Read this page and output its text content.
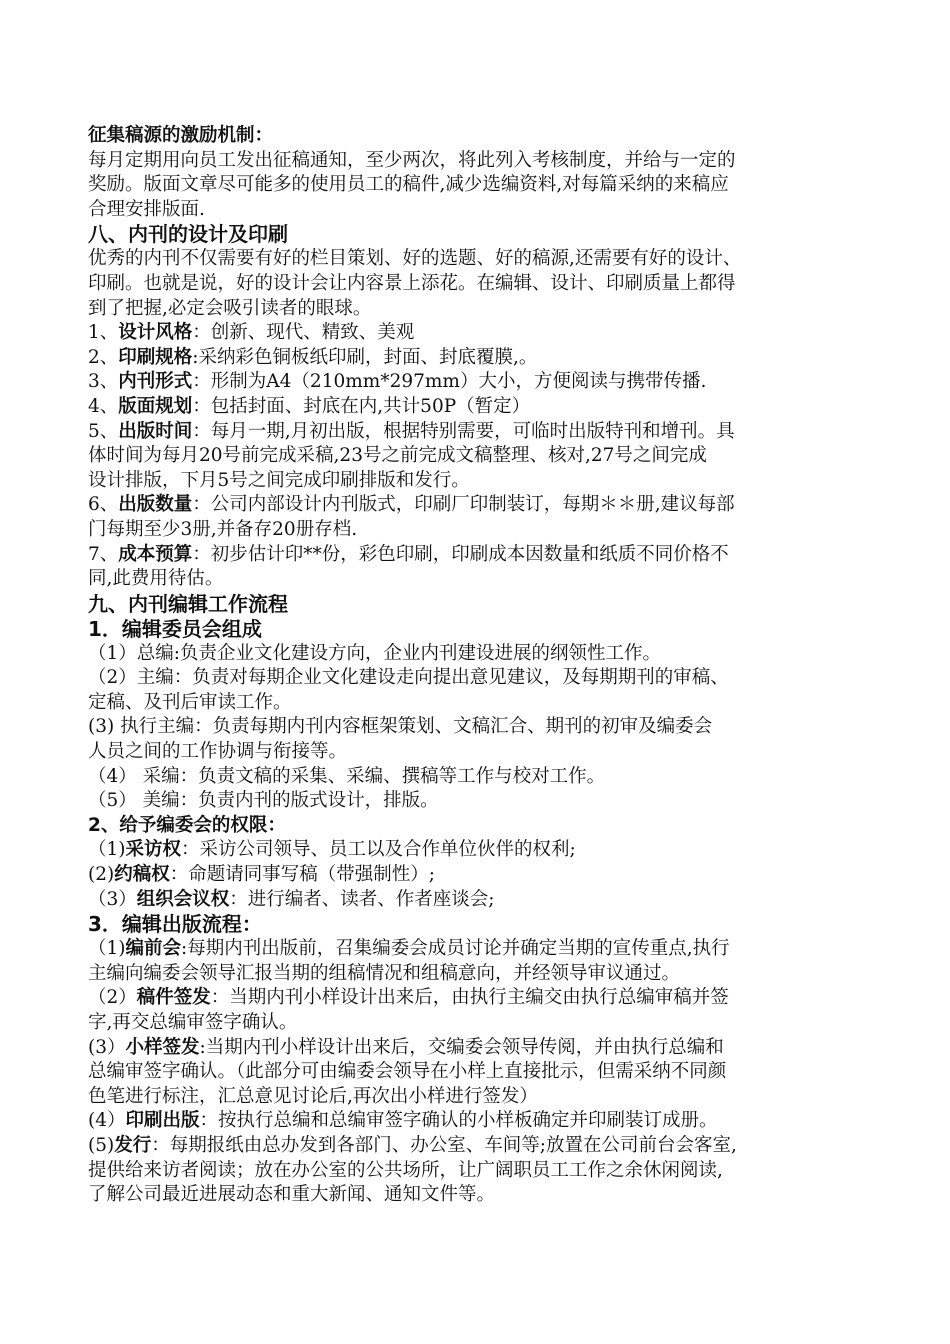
征集稿源的激励机制：
每月定期用向员工发出征稿通知，至少两次，将此列入考核制度，并给与一定的
奖励。版面文章尽可能多的使用员工的稿件,减少选编资料,对每篇采纳的来稿应
合理安排版面.
八、内刊的设计及印刷
优秀的内刊不仅需要有好的栏目策划、好的选题、好的稿源,还需要有好的设计、
印刷。也就是说，好的设计会让内容景上添花。在编辑、设计、印刷质量上都得
到了把握,必定会吸引读者的眼球。
1、设计风格：创新、现代、精致、美观
2、印刷规格:采纳彩色铜板纸印刷，封面、封底覆膜,。
3、内刊形式：形制为A4（210mm*297mm）大小，方便阅读与携带传播.
4、版面规划：包括封面、封底在内,共计50P（暂定）
5、出版时间：每月一期,月初出版，根据特别需要，可临时出版特刊和增刊。具
体时间为每月20号前完成采稿,23号之前完成文稿整理、核对,27号之间完成
设计排版，下月5号之间完成印刷排版和发行。
6、出版数量：公司内部设计内刊版式，印刷厂印制装订，每期＊＊册,建议每部
门每期至少3册,并备存20册存档.
7、成本预算：初步估计印**份，彩色印刷，印刷成本因数量和纸质不同价格不
同,此费用待估。
九、内刊编辑工作流程
1．编辑委员会组成
（1）总编:负责企业文化建设方向，企业内刊建设进展的纲领性工作。
（2）主编：负责对每期企业文化建设走向提出意见建议，及每期期刊的审稿、
定稿、及刊后审读工作。
(3) 执行主编：负责每期内刊内容框架策划、文稿汇合、期刊的初审及编委会
人员之间的工作协调与衔接等。
（4） 采编：负责文稿的采集、采编、撰稿等工作与校对工作。
（5） 美编：负责内刊的版式设计，排版。
2、给予编委会的权限：
（1)采访权：采访公司领导、员工以及合作单位伙伴的权利;
(2)约稿权：命题请同事写稿（带强制性）;
（3）组织会议权：进行编者、读者、作者座谈会;
3．编辑出版流程：
（1)编前会:每期内刊出版前，召集编委会成员讨论并确定当期的宣传重点,执行
主编向编委会领导汇报当期的组稿情况和组稿意向，并经领导审议通过。
（2）稿件签发：当期内刊小样设计出来后，由执行主编交由执行总编审稿并签
字,再交总编审签字确认。
(3）小样签发:当期内刊小样设计出来后，交编委会领导传阅，并由执行总编和
总编审签字确认。（此部分可由编委会领导在小样上直接批示，但需采纳不同颜
色笔进行标注，汇总意见讨论后,再次出小样进行签发）
(4）印刷出版：按执行总编和总编审签字确认的小样板确定并印刷装订成册。
(5)发行：每期报纸由总办发到各部门、办公室、车间等;放置在公司前台会客室,
提供给来访者阅读；放在办公室的公共场所，让广阔职员工工作之余休闲阅读,
了解公司最近进展动态和重大新闻、通知文件等。
